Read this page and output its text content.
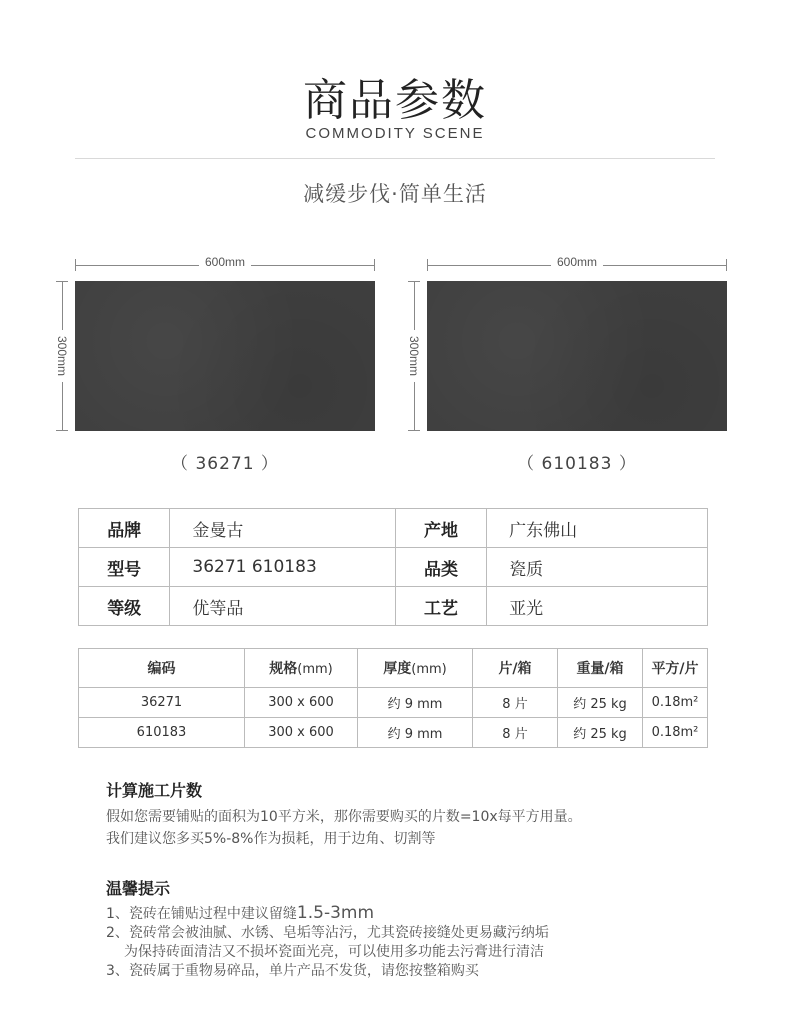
商品参数
COMMODITY SCENE
减缓步伐·简单生活
600mm
300mm
（ 36271 ）
600mm
300mm
（ 610183 ）
品牌	金曼古	产地	广东佛山
型号	36271 610183	品类	瓷质
等级	优等品	工艺	亚光
编码	规格(mm)	厚度(mm)	片/箱	重量/箱	平方/片
36271	300 x 600	约 9 mm	8 片	约 25 kg	0.18m²
610183	300 x 600	约 9 mm	8 片	约 25 kg	0.18m²
计算施工片数
假如您需要铺贴的面积为10平方米，那你需要购买的片数=10x每平方用量。
我们建议您多买5%-8%作为损耗，用于边角、切割等
温馨提示
1、瓷砖在铺贴过程中建议留缝1.5-3mm
2、瓷砖常会被油腻、水锈、皂垢等沾污，尤其瓷砖接缝处更易藏污纳垢
为保持砖面清洁又不损坏瓷面光亮，可以使用多功能去污膏进行清洁
3、瓷砖属于重物易碎品，单片产品不发货，请您按整箱购买
